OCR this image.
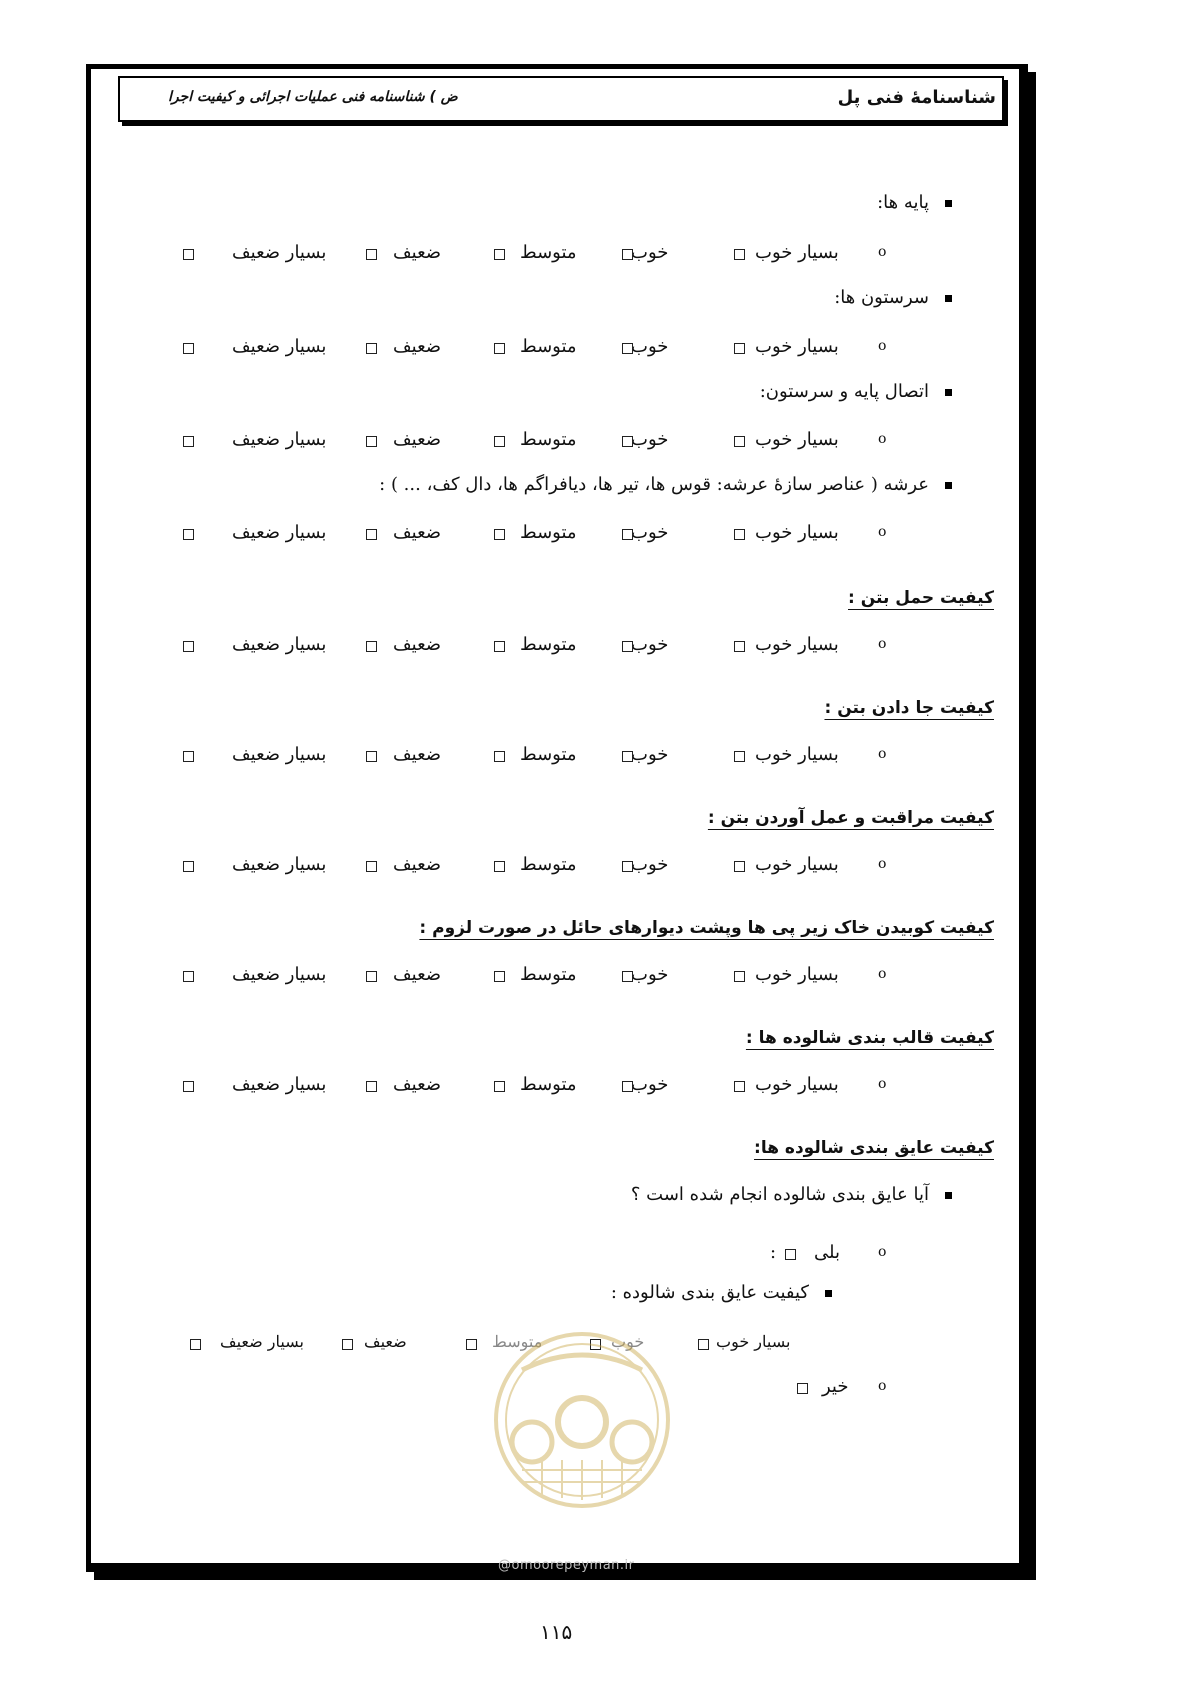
شناسنامهٔ فنی پل
ض ) شناسنامه فنی عملیات اجرائی و کیفیت اجرا
پایه ها:
o
بسیار خوب
خوب
متوسط
ضعیف
بسیار ضعیف
سرستون ها:
o
بسیار خوب
خوب
متوسط
ضعیف
بسیار ضعیف
اتصال پایه و سرستون:
o
بسیار خوب
خوب
متوسط
ضعیف
بسیار ضعیف
عرشه ( عناصر سازهٔ عرشه: قوس ها، تیر ها، دیافراگم ها، دال کف، ... ) :
o
بسیار خوب
خوب
متوسط
ضعیف
بسیار ضعیف
کیفیت حمل بتن :
o
بسیار خوب
خوب
متوسط
ضعیف
بسیار ضعیف
کیفیت جا دادن بتن :
o
بسیار خوب
خوب
متوسط
ضعیف
بسیار ضعیف
کیفیت مراقبت و عمل آوردن بتن :
o
بسیار خوب
خوب
متوسط
ضعیف
بسیار ضعیف
کیفیت کوبیدن خاک زیر پی ها وپشت دیوارهای حائل در صورت لزوم :
o
بسیار خوب
خوب
متوسط
ضعیف
بسیار ضعیف
کیفیت قالب بندی شالوده ها :
o
بسیار خوب
خوب
متوسط
ضعیف
بسیار ضعیف
کیفیت عایق بندی شالوده ها:
آیا عایق بندی شالوده انجام شده است ؟
o
بلی
:
کیفیت عایق بندی شالوده :
بسیار خوب
خوب
متوسط
ضعیف
بسیار ضعیف
o
خیر
@omoorepeyman.ir
۱۱۵
